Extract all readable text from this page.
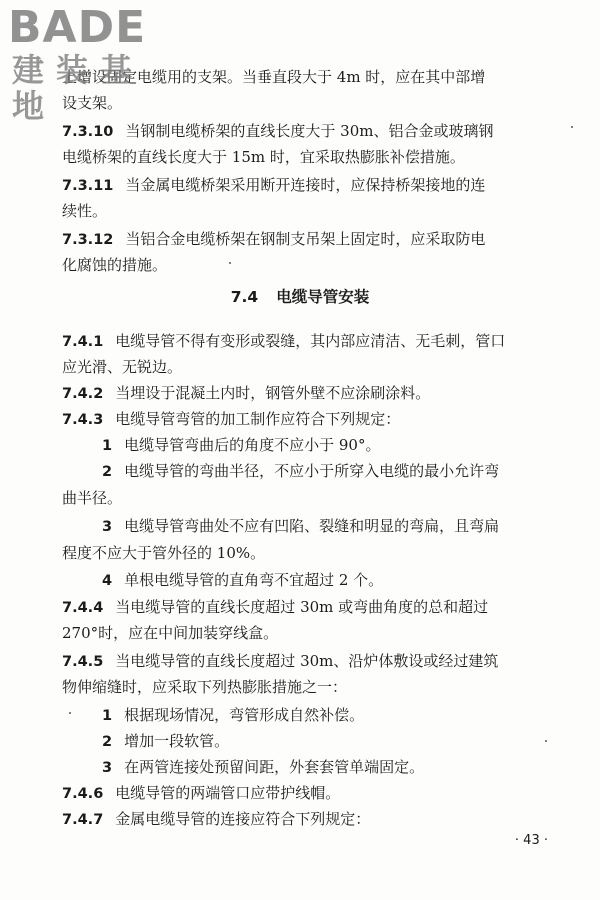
BADE
建装基地

上增设固定电缆用的支架。当垂直段大于 4m 时，应在其中部增

设支架。

7.3.10 当钢制电缆桥架的直线长度大于 30m、铝合金或玻璃钢

电缆桥架的直线长度大于 15m 时，宜采取热膨胀补偿措施。

7.3.11 当金属电缆桥架采用断开连接时，应保持桥架接地的连

续性。

7.3.12 当铝合金电缆桥架在钢制支吊架上固定时，应采取防电

化腐蚀的措施。

7.4 电缆导管安装

7.4.1 电缆导管不得有变形或裂缝，其内部应清洁、无毛刺，管口

应光滑、无锐边。

7.4.2 当埋设于混凝土内时，钢管外壁不应涂刷涂料。

7.4.3 电缆导管弯管的加工制作应符合下列规定：

1 电缆导管弯曲后的角度不应小于 90°。

2 电缆导管的弯曲半径，不应小于所穿入电缆的最小允许弯

曲半径。

3 电缆导管弯曲处不应有凹陷、裂缝和明显的弯扁，且弯扁

程度不应大于管外径的 10%。

4 单根电缆导管的直角弯不宜超过 2 个。

7.4.4 当电缆导管的直线长度超过 30m 或弯曲角度的总和超过

270°时，应在中间加装穿线盒。

7.4.5 当电缆导管的直线长度超过 30m、沿炉体敷设或经过建筑

物伸缩缝时，应采取下列热膨胀措施之一：

1 根据现场情况，弯管形成自然补偿。

2 增加一段软管。

3 在两管连接处预留间距，外套套管单端固定。

7.4.6 电缆导管的两端管口应带护线帽。

7.4.7 金属电缆导管的连接应符合下列规定：

· 43 ·
